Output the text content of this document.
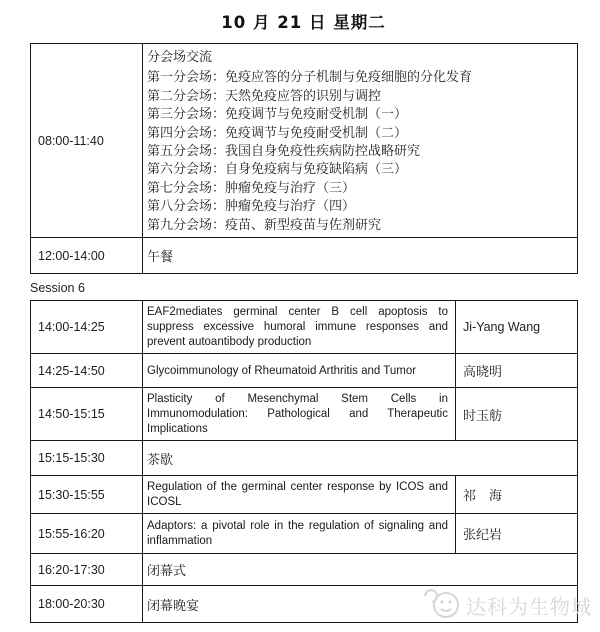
10 月 21 日 星期二
08:00-11:40	
分会场交流
第一分会场：免疫应答的分子机制与免疫细胞的分化发育
第二分会场：天然免疫应答的识别与调控
第三分会场：免疫调节与免疫耐受机制（一）
第四分会场：免疫调节与免疫耐受机制（二）
第五分会场：我国自身免疫性疾病防控战略研究
第六分会场：自身免疫病与免疫缺陷病（三）
第七分会场：肿瘤免疫与治疗（三）
第八分会场：肿瘤免疫与治疗（四）
第九分会场：疫苗、新型疫苗与佐剂研究

12:00-14:00	午餐
Session 6
14:00-14:25	EAF2mediates germinal center B cell apoptosis to suppress excessive humoral immune responses and prevent autoantibody production	Ji-Yang Wang
14:25-14:50	Glycoimmunology of Rheumatoid Arthritis and Tumor	高晓明
14:50-15:15	Plasticity of Mesenchymal Stem Cells in Immunomodulation: Pathological and Therapeutic Implications	时玉舫
15:15-15:30	茶歇	
15:30-15:55	Regulation of the germinal center response by ICOS and ICOSL	祁　海
15:55-16:20	Adaptors: a pivotal role in the regulation of signaling and inflammation	张纪岩
16:20-17:30	闭幕式	
18:00-20:30	闭幕晚宴		达科为生物城
